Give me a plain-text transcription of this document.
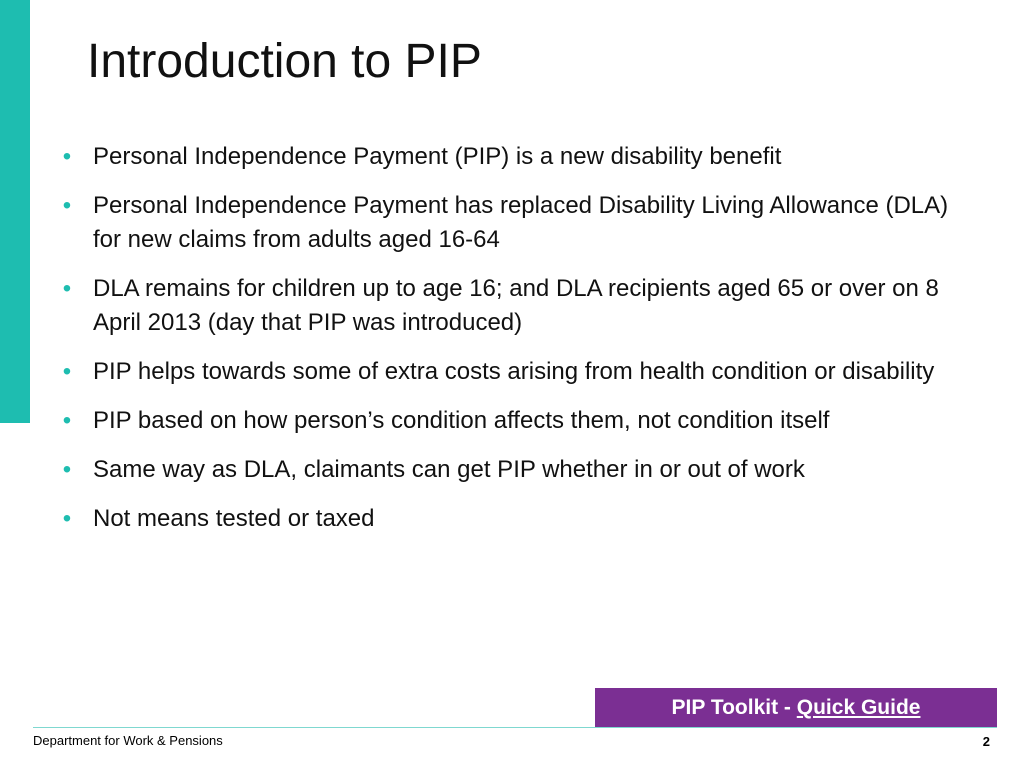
Introduction to PIP
• Personal Independence Payment (PIP) is a new disability benefit
• Personal Independence Payment has replaced Disability Living Allowance (DLA) for new claims from adults aged 16-64
• DLA remains for children up to age 16; and DLA recipients aged 65 or over on 8 April 2013 (day that PIP was introduced)
• PIP helps towards some of extra costs arising from health condition or disability
• PIP based on how person’s condition affects them, not condition itself
• Same way as DLA, claimants can get PIP whether in or out of work
• Not means tested or taxed
PIP Toolkit -
Quick Guide
Department for Work & Pensions	2
